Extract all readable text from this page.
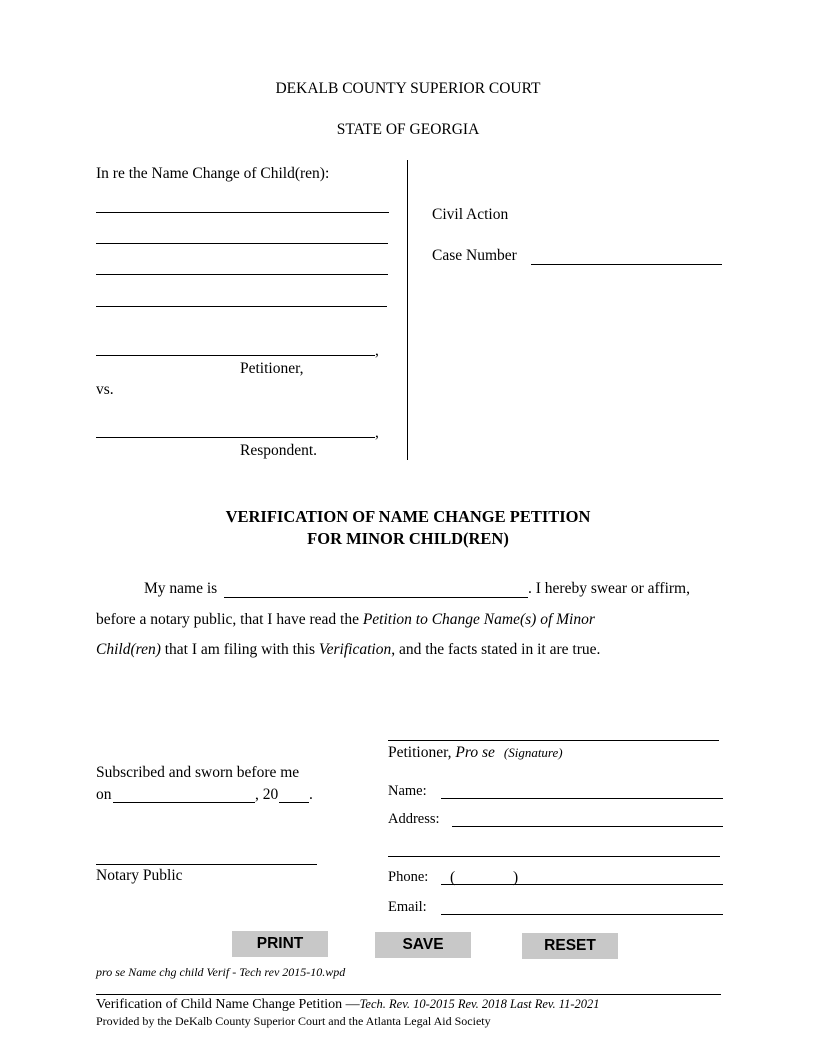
DEKALB COUNTY SUPERIOR COURT
STATE OF GEORGIA
In re the Name Change of Child(ren):
,
Petitioner,
vs.
,
Respondent.
Civil Action
Case Number
VERIFICATION OF NAME CHANGE PETITION
FOR MINOR CHILD(REN)
My name is	. I hereby swear or affirm,
before a notary public, that I have read the Petition to Change Name(s) of Minor
Child(ren) that I am filing with this Verification, and the facts stated in it are true.
Petitioner, Pro se (Signature)
Name:
Address:
Phone: (	)
Email:
Subscribed and sworn before me
on	, 20 .
Notary Public
PRINT	SAVE	RESET
pro se Name chg child Verif - Tech rev 2015-10.wpd
Verification of Child Name Change Petition —Tech. Rev. 10-2015 Rev. 2018 Last Rev. 11-2021
Provided by the DeKalb County Superior Court and the Atlanta Legal Aid Society
